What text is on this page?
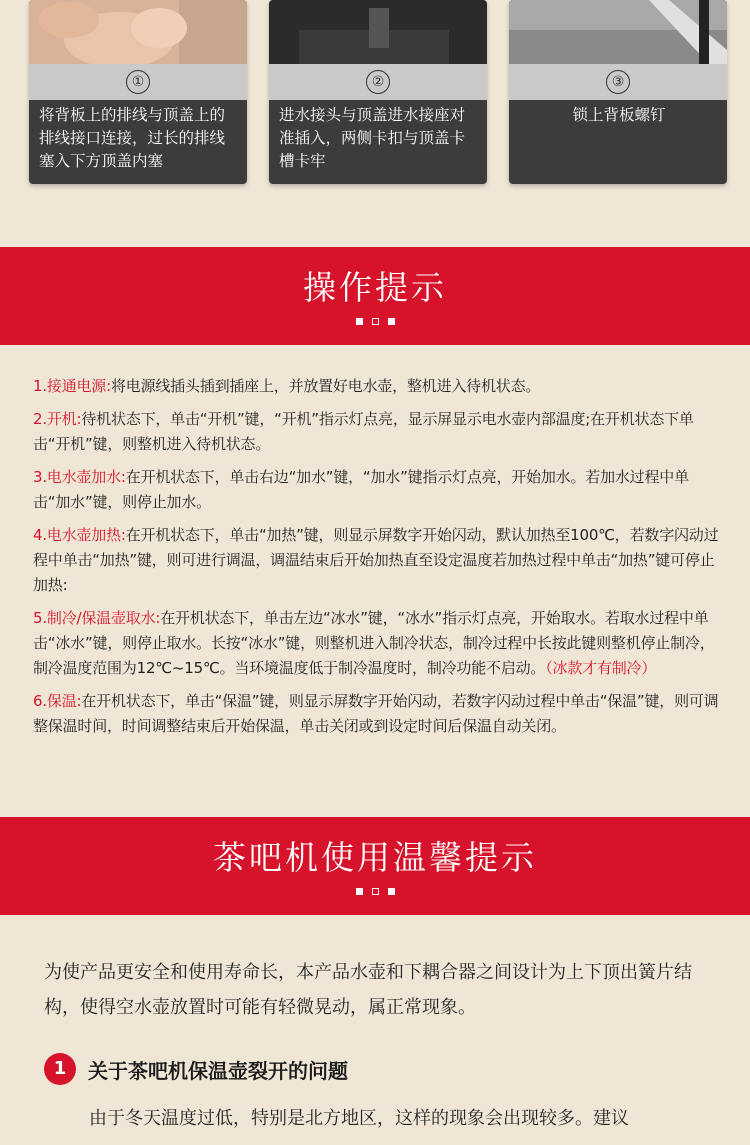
①
将背板上的排线与顶盖上的排线接口连接，过长的排线塞入下方顶盖内塞
②
进水接头与顶盖进水接座对准插入，两侧卡扣与顶盖卡槽卡牢
③
锁上背板螺钉
操作提示
1.接通电源:将电源线插头插到插座上，并放置好电水壶，整机进入待机状态。
2.开机:待机状态下，单击“开机”键，“开机”指示灯点亮，显示屏显示电水壶内部温度;在开机状态下单击“开机”键，则整机进入待机状态。
3.电水壶加水:在开机状态下，单击右边“加水”键，“加水”键指示灯点亮，开始加水。若加水过程中单击“加水”键，则停止加水。
4.电水壶加热:在开机状态下，单击“加热”键，则显示屏数字开始闪动，默认加热至100℃，若数字闪动过程中单击“加热”键，则可进行调温，调温结束后开始加热直至设定温度若加热过程中单击“加热”键可停止加热:
5.制冷/保温壶取水:在开机状态下，单击左边“冰水”键，“冰水”指示灯点亮，开始取水。若取水过程中单击“冰水”键，则停止取水。长按“冰水”键，则整机进入制冷状态，制冷过程中长按此键则整机停止制冷，制冷温度范围为12℃~15℃。当环境温度低于制冷温度时，制冷功能不启动。（冰款才有制冷）
6.保温:在开机状态下，单击“保温”键，则显示屏数字开始闪动，若数字闪动过程中单击“保温”键，则可调整保温时间，时间调整结束后开始保温，单击关闭或到设定时间后保温自动关闭。
茶吧机使用温馨提示
为使产品更安全和使用寿命长，本产品水壶和下耦合器之间设计为上下顶出簧片结构，使得空水壶放置时可能有轻微晃动，属正常现象。
1	关于茶吧机保温壶裂开的问题
由于冬天温度过低，特别是北方地区，这样的现象会出现较多。建议
